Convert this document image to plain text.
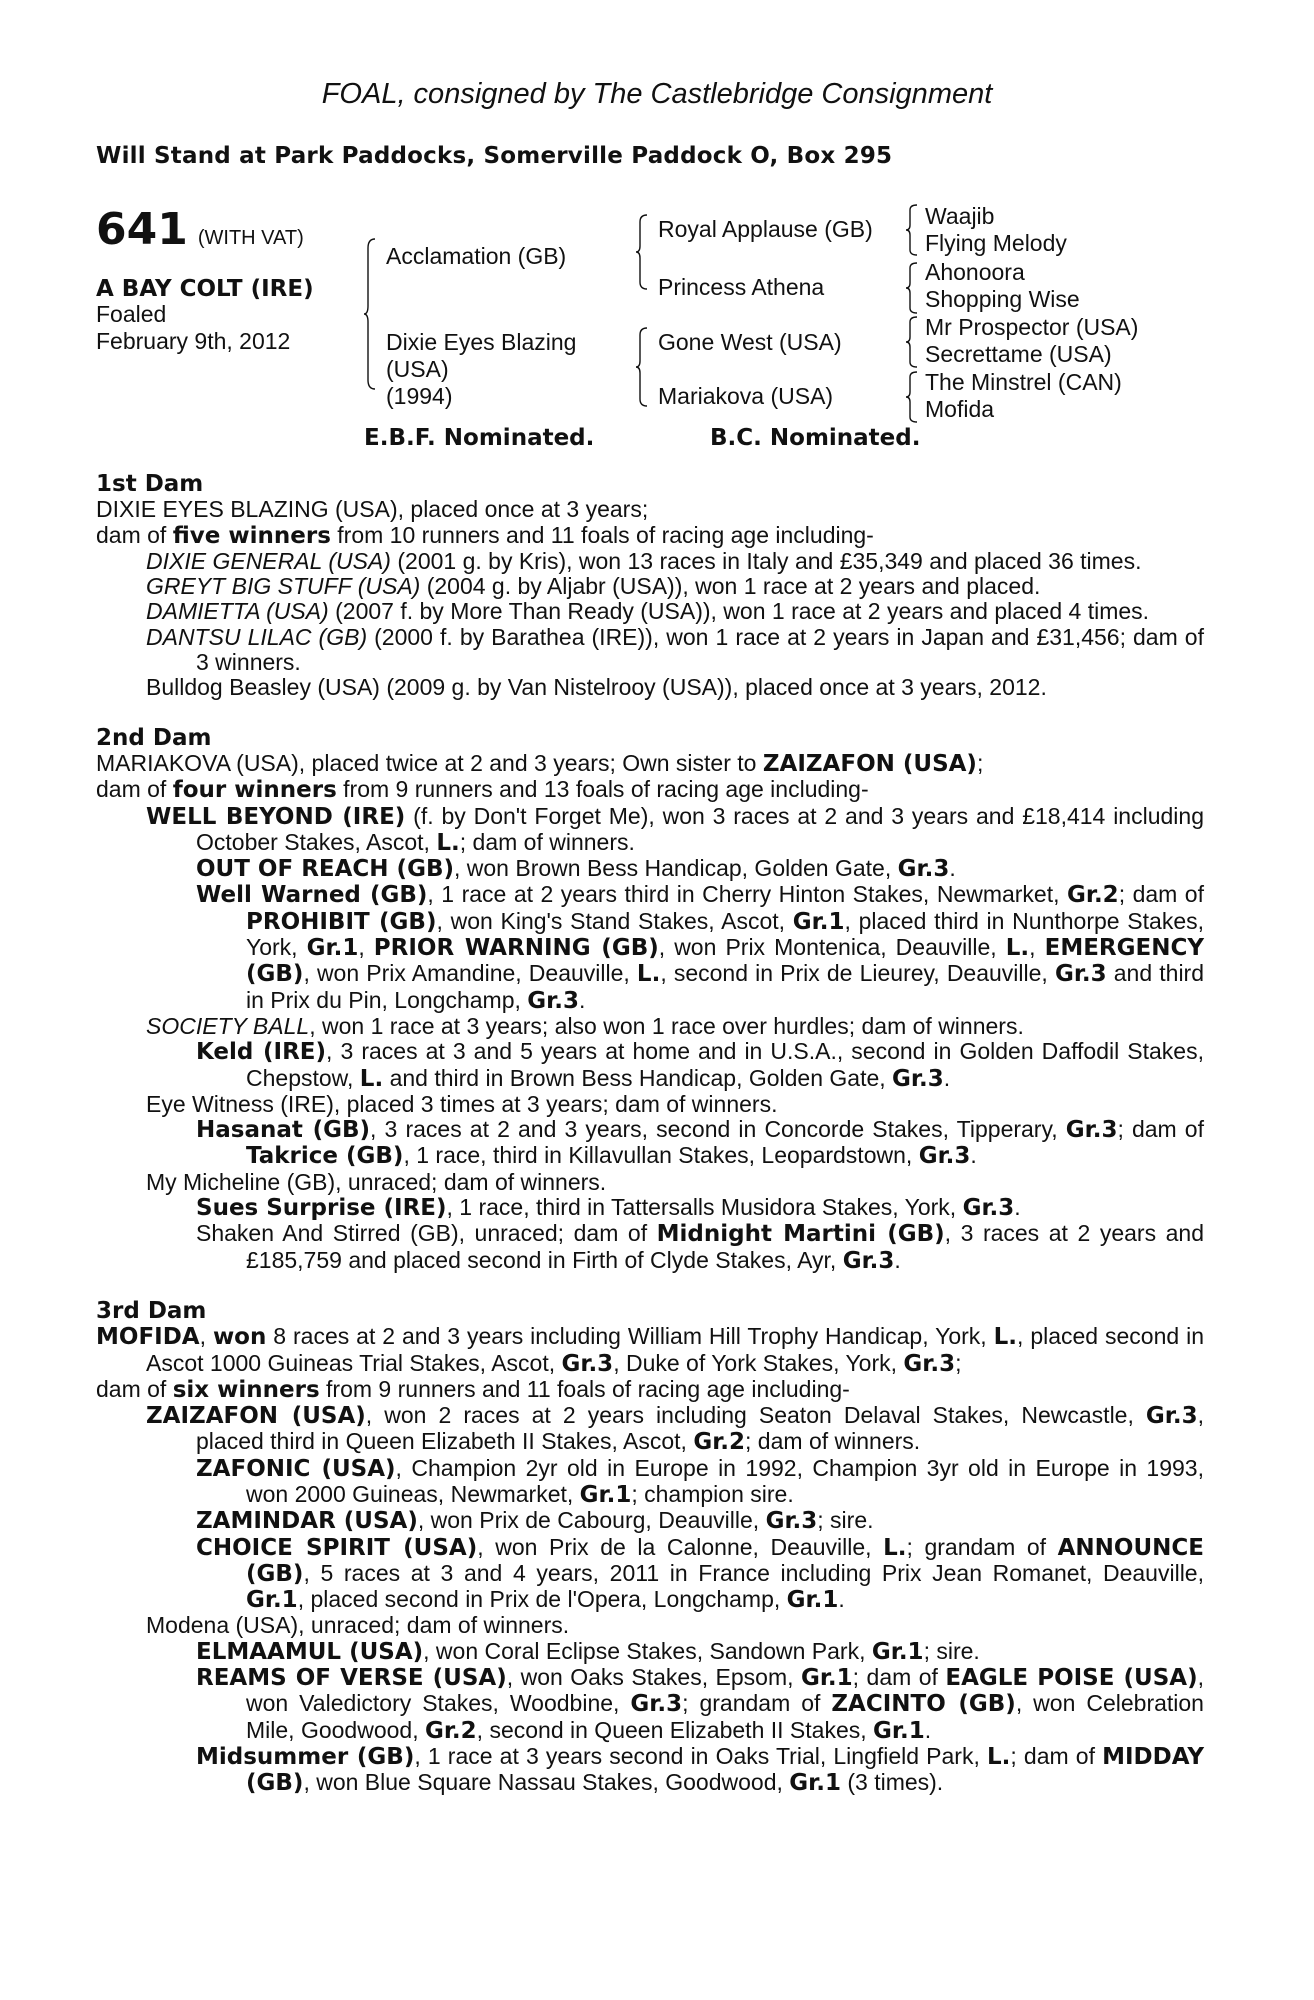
FOAL, consigned by The Castlebridge Consignment
Will Stand at Park Paddocks, Somerville Paddock O, Box 295
641 (WITH VAT)
A BAY COLT (IRE)
Foaled
February 9th, 2012
Acclamation (GB)
Dixie Eyes Blazing
(USA)
(1994)
Royal Applause (GB)
Princess Athena
Gone West (USA)
Mariakova (USA)
Waajib
Flying Melody
Ahonoora
Shopping Wise
Mr Prospector (USA)
Secrettame (USA)
The Minstrel (CAN)
Mofida
E.B.F. Nominated.	B.C. Nominated.

1st Dam

DIXIE EYES BLAZING (USA), placed once at 3 years;

dam of five winners from 10 runners and 11 foals of racing age including-

DIXIE GENERAL (USA) (2001 g. by Kris), won 13 races in Italy and £35,349 and placed 36 times.

GREYT BIG STUFF (USA) (2004 g. by Aljabr (USA)), won 1 race at 2 years and placed.

DAMIETTA (USA) (2007 f. by More Than Ready (USA)), won 1 race at 2 years and placed 4 times.

DANTSU LILAC (GB) (2000 f. by Barathea (IRE)), won 1 race at 2 years in Japan and £31,456; dam of 3 winners.

Bulldog Beasley (USA) (2009 g. by Van Nistelrooy (USA)), placed once at 3 years, 2012.

2nd Dam

MARIAKOVA (USA), placed twice at 2 and 3 years; Own sister to ZAIZAFON (USA);

dam of four winners from 9 runners and 13 foals of racing age including-

WELL BEYOND (IRE) (f. by Don't Forget Me), won 3 races at 2 and 3 years and £18,414 including October Stakes, Ascot, L.; dam of winners.

OUT OF REACH (GB), won Brown Bess Handicap, Golden Gate, Gr.3.

Well Warned (GB), 1 race at 2 years third in Cherry Hinton Stakes, Newmarket, Gr.2; dam of PROHIBIT (GB), won King's Stand Stakes, Ascot, Gr.1, placed third in Nunthorpe Stakes, York, Gr.1, PRIOR WARNING (GB), won Prix Montenica, Deauville, L., EMERGENCY (GB), won Prix Amandine, Deauville, L., second in Prix de Lieurey, Deauville, Gr.3 and third in Prix du Pin, Longchamp, Gr.3.

SOCIETY BALL, won 1 race at 3 years; also won 1 race over hurdles; dam of winners.

Keld (IRE), 3 races at 3 and 5 years at home and in U.S.A., second in Golden Daffodil Stakes, Chepstow, L. and third in Brown Bess Handicap, Golden Gate, Gr.3.

Eye Witness (IRE), placed 3 times at 3 years; dam of winners.

Hasanat (GB), 3 races at 2 and 3 years, second in Concorde Stakes, Tipperary, Gr.3; dam of Takrice (GB), 1 race, third in Killavullan Stakes, Leopardstown, Gr.3.

My Micheline (GB), unraced; dam of winners.

Sues Surprise (IRE), 1 race, third in Tattersalls Musidora Stakes, York, Gr.3.

Shaken And Stirred (GB), unraced; dam of Midnight Martini (GB), 3 races at 2 years and £185,759 and placed second in Firth of Clyde Stakes, Ayr, Gr.3.

3rd Dam

MOFIDA, won 8 races at 2 and 3 years including William Hill Trophy Handicap, York, L., placed second in Ascot 1000 Guineas Trial Stakes, Ascot, Gr.3, Duke of York Stakes, York, Gr.3;

dam of six winners from 9 runners and 11 foals of racing age including-

ZAIZAFON (USA), won 2 races at 2 years including Seaton Delaval Stakes, Newcastle, Gr.3, placed third in Queen Elizabeth II Stakes, Ascot, Gr.2; dam of winners.

ZAFONIC (USA), Champion 2yr old in Europe in 1992, Champion 3yr old in Europe in 1993, won 2000 Guineas, Newmarket, Gr.1; champion sire.

ZAMINDAR (USA), won Prix de Cabourg, Deauville, Gr.3; sire.

CHOICE SPIRIT (USA), won Prix de la Calonne, Deauville, L.; grandam of ANNOUNCE (GB), 5 races at 3 and 4 years, 2011 in France including Prix Jean Romanet, Deauville, Gr.1, placed second in Prix de l'Opera, Longchamp, Gr.1.

Modena (USA), unraced; dam of winners.

ELMAAMUL (USA), won Coral Eclipse Stakes, Sandown Park, Gr.1; sire.

REAMS OF VERSE (USA), won Oaks Stakes, Epsom, Gr.1; dam of EAGLE POISE (USA), won Valedictory Stakes, Woodbine, Gr.3; grandam of ZACINTO (GB), won Celebration Mile, Goodwood, Gr.2, second in Queen Elizabeth II Stakes, Gr.1.

Midsummer (GB), 1 race at 3 years second in Oaks Trial, Lingfield Park, L.; dam of MIDDAY (GB), won Blue Square Nassau Stakes, Goodwood, Gr.1 (3 times).
